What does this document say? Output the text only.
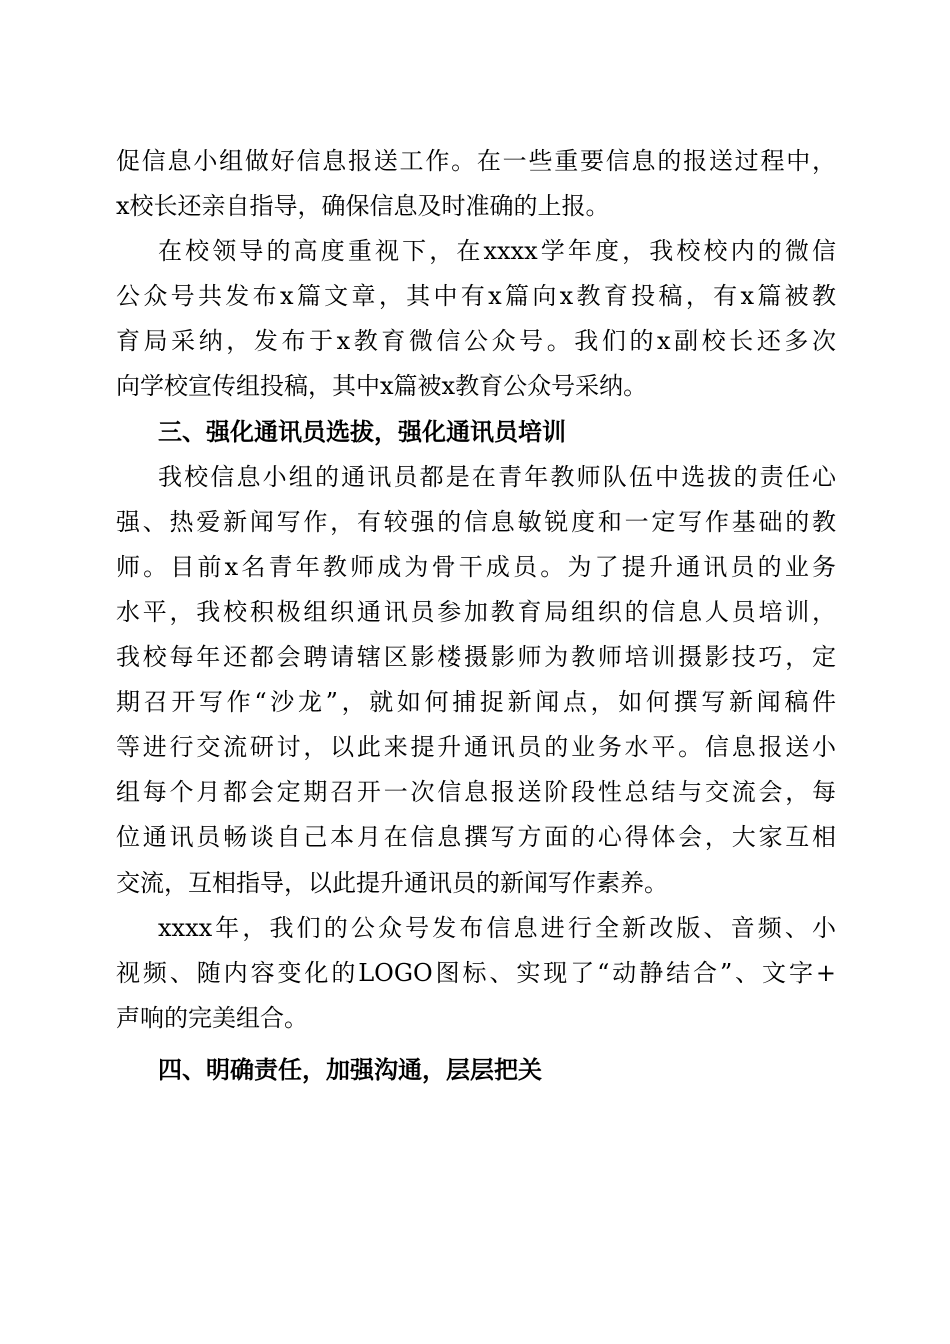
促信息小组做好信息报送工作。在一些重要信息的报送过程中，
x校长还亲自指导，确保信息及时准确的上报。
在校领导的高度重视下，在xxxx学年度，我校校内的微信
公众号共发布x篇文章，其中有x篇向x教育投稿，有x篇被教
育局采纳，发布于x教育微信公众号。我们的x副校长还多次
向学校宣传组投稿，其中x篇被x教育公众号采纳。
三、强化通讯员选拔，强化通讯员培训
我校信息小组的通讯员都是在青年教师队伍中选拔的责任心
强、热爱新闻写作，有较强的信息敏锐度和一定写作基础的教
师。目前x名青年教师成为骨干成员。为了提升通讯员的业务
水平，我校积极组织通讯员参加教育局组织的信息人员培训，
我校每年还都会聘请辖区影楼摄影师为教师培训摄影技巧，定
期召开写作“沙龙”，就如何捕捉新闻点，如何撰写新闻稿件
等进行交流研讨，以此来提升通讯员的业务水平。信息报送小
组每个月都会定期召开一次信息报送阶段性总结与交流会，每
位通讯员畅谈自己本月在信息撰写方面的心得体会，大家互相
交流，互相指导，以此提升通讯员的新闻写作素养。
xxxx年，我们的公众号发布信息进行全新改版、音频、小
视频、随内容变化的LOGO图标、实现了“动静结合”、文字+
声响的完美组合。
四、明确责任，加强沟通，层层把关
